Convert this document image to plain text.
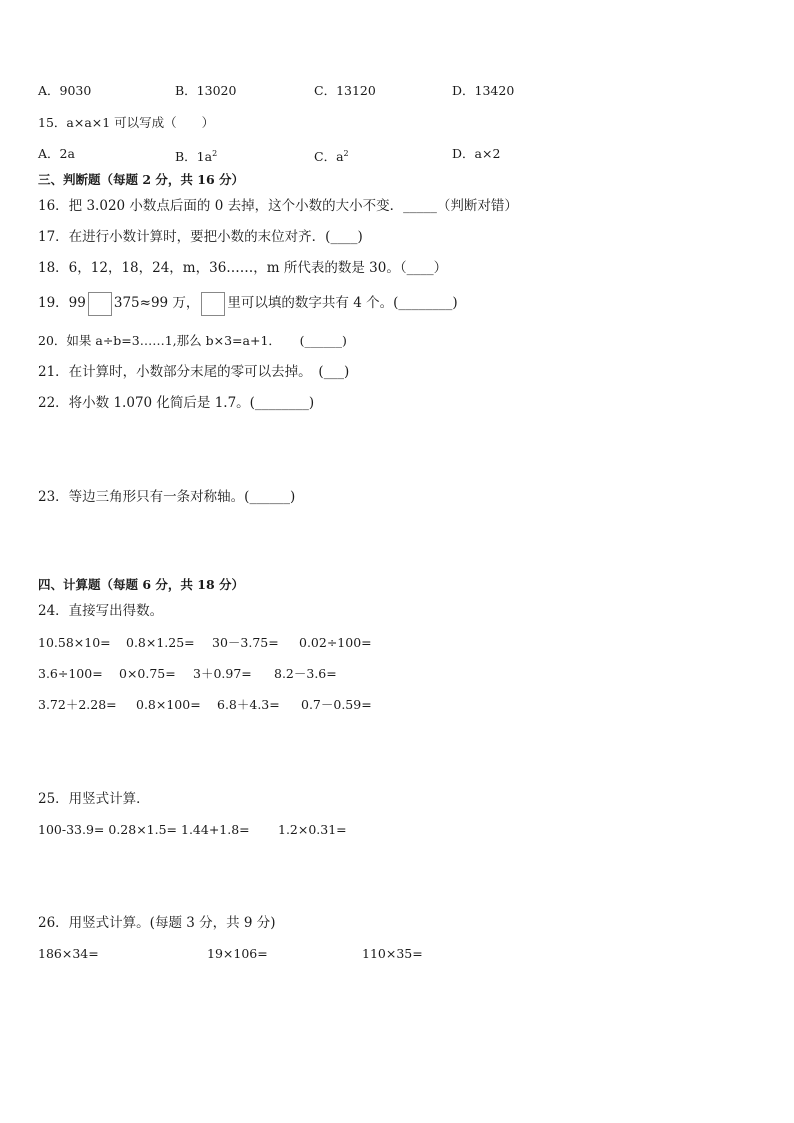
A．9030	B．13020	C．13120	D．13420
15．a×a×1 可以写成（　　）
A．2a	B．$1a^2$	C．$a^2$	D．a×2
三、判断题（每题 2 分，共 16 分）
16．把 3.020 小数点后面的 0 去掉，这个小数的大小不变．_____（判断对错）
17．在进行小数计算时，要把小数的末位对齐．(____)
18．6，12，18，24，m，36……，m 所代表的数是 30。（____）
19．99 375≈99 万， 里可以填的数字共有 4 个。(________)
20．如果 a÷b=3……1,那么 b×3=a+1．　　(______)
21．在计算时，小数部分末尾的零可以去掉。　(___)
22．将小数 1.070 化简后是 1.7。(________)
23．等边三角形只有一条对称轴。(______)
四、计算题（每题 6 分，共 18 分）
24．直接写出得数。
10.58×10= 0.8×1.25= 30－3.75= 0.02÷100=
3.6÷100= 0×0.75= 3＋0.97= 8.2－3.6=
3.72＋2.28= 0.8×100= 6.8＋4.3= 0.7－0.59=
25．用竖式计算．
100-33.9= 0.28×1.5= 1.44+1.8= 1.2×0.31=
26．用竖式计算。(每题 3 分，共 9 分)
186×34=	19×106=	110×35=
